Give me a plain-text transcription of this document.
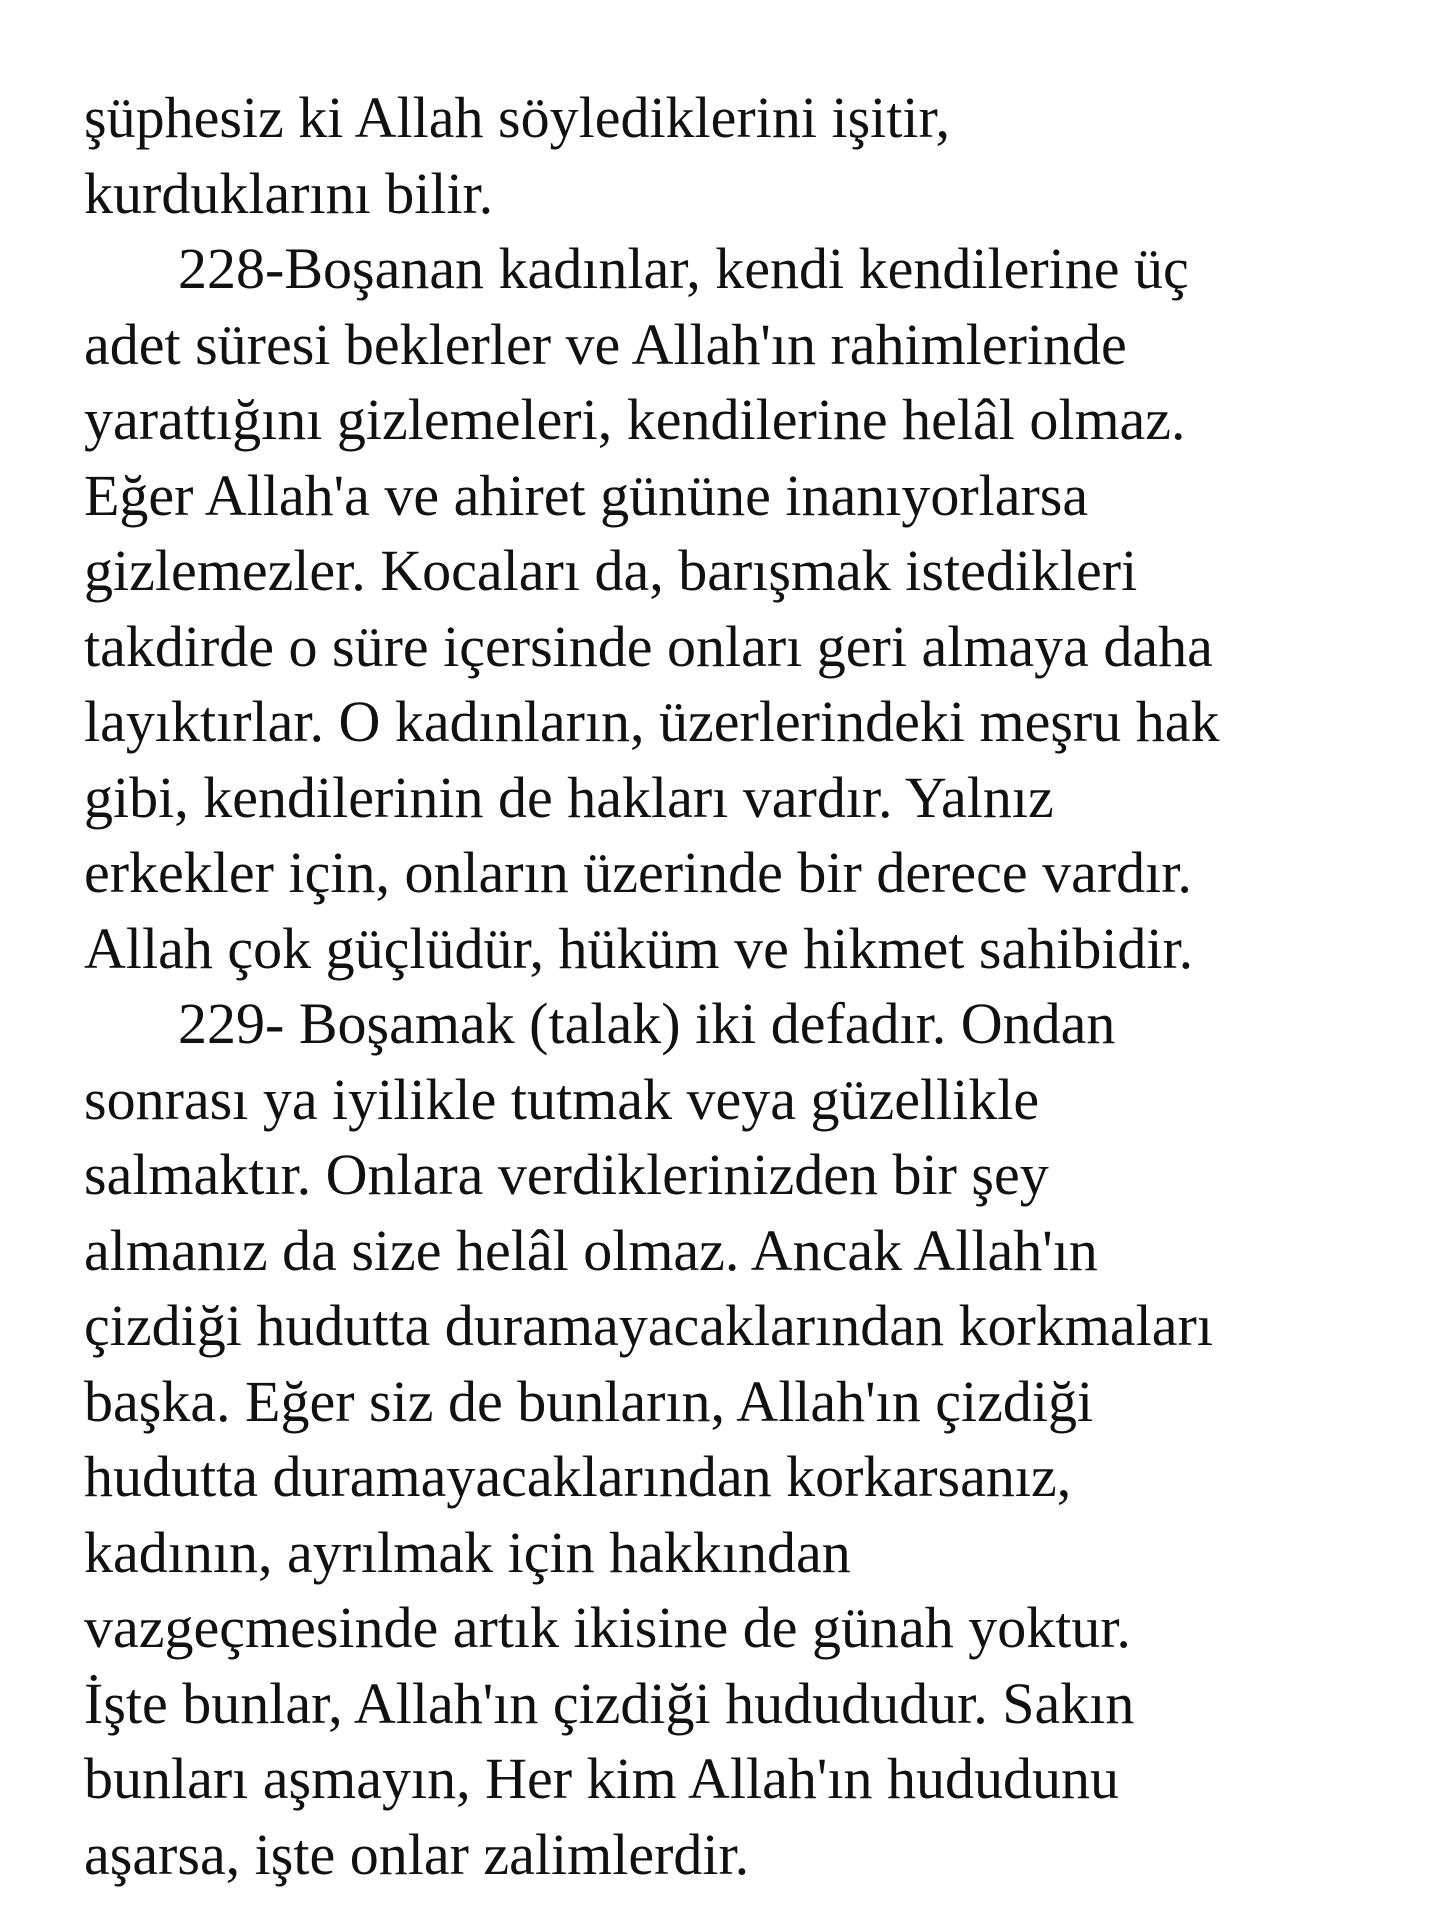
şüphesiz ki Allah söylediklerini işitir,
kurduklarını bilir.
228-Boşanan kadınlar, kendi kendilerine üç
adet süresi beklerler ve Allah'ın rahimlerinde
yarattığını gizlemeleri, kendilerine helâl olmaz.
Eğer Allah'a ve ahiret gününe inanıyorlarsa
gizlemezler. Kocaları da, barışmak istedikleri
takdirde o süre içersinde onları geri almaya daha
layıktırlar. O kadınların, üzerlerindeki meşru hak
gibi, kendilerinin de hakları vardır. Yalnız
erkekler için, onların üzerinde bir derece vardır.
Allah çok güçlüdür, hüküm ve hikmet sahibidir.
229- Boşamak (talak) iki defadır. Ondan
sonrası ya iyilikle tutmak veya güzellikle
salmaktır. Onlara verdiklerinizden bir şey
almanız da size helâl olmaz. Ancak Allah'ın
çizdiği hudutta duramayacaklarından korkmaları
başka. Eğer siz de bunların, Allah'ın çizdiği
hudutta duramayacaklarından korkarsanız,
kadının, ayrılmak için hakkından
vazgeçmesinde artık ikisine de günah yoktur.
İşte bunlar, Allah'ın çizdiği hudududur. Sakın
bunları aşmayın, Her kim Allah'ın hududunu
aşarsa, işte onlar zalimlerdir.
